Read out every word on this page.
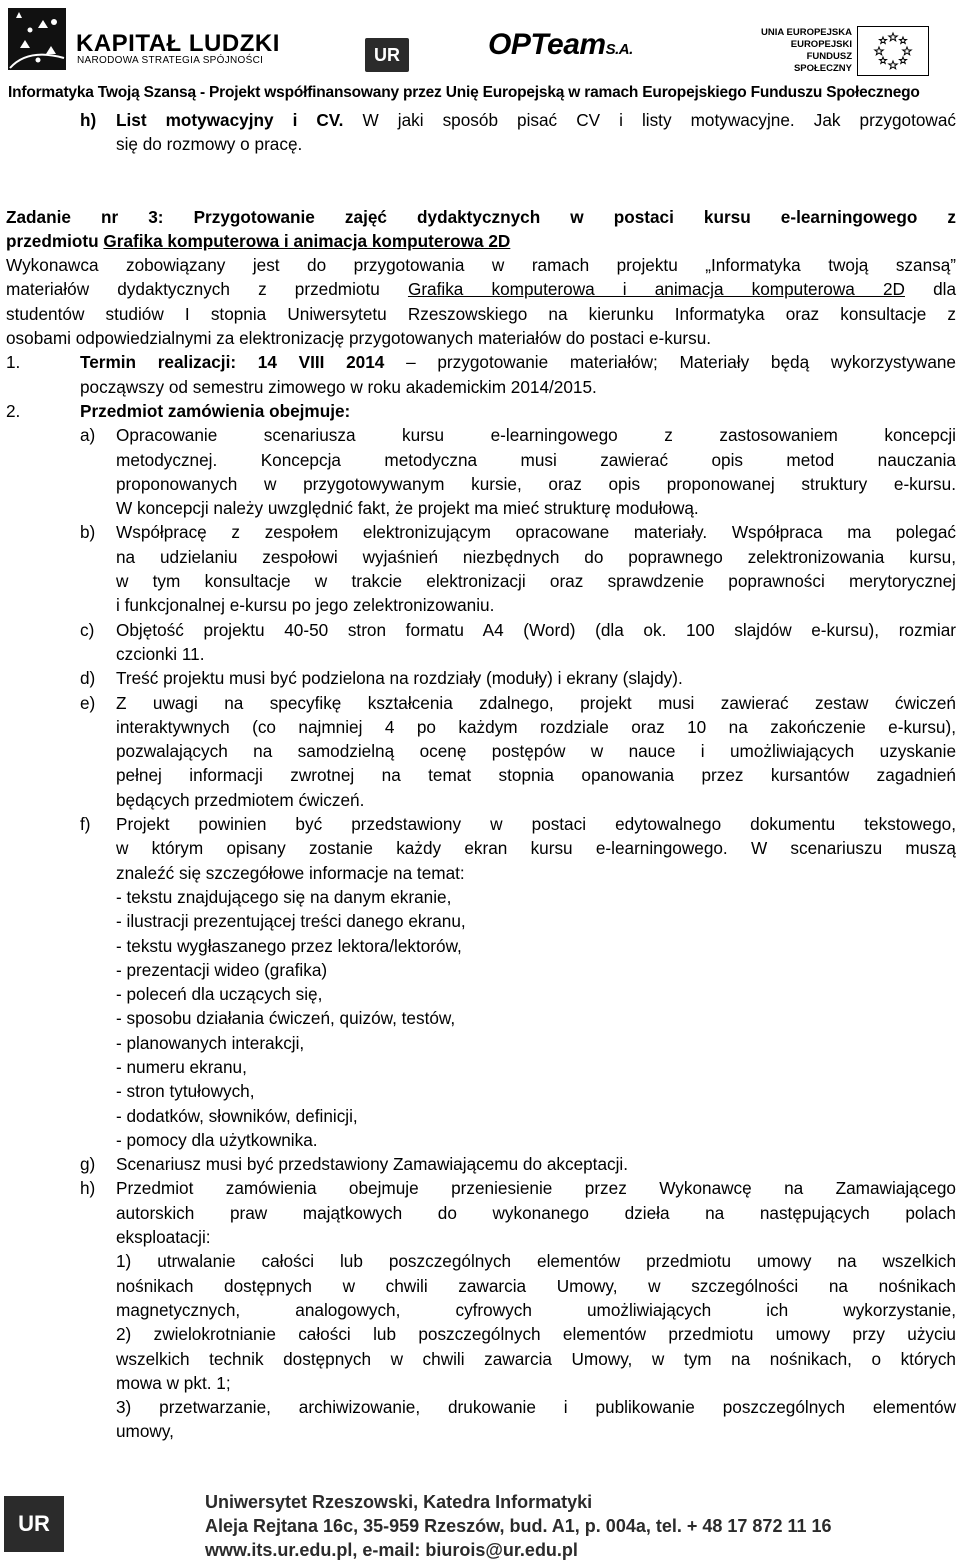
KAPITAŁ LUDZKI
NARODOWA STRATEGIA SPÓJNOŚCI	UR	OPTeamS.A.
UNIA EUROPEJSKA
EUROPEJSKI
FUNDUSZ SPOŁECZNY
Informatyka Twoją Szansą - Projekt współfinansowany przez Unię Europejską w ramach Europejskiego Funduszu Społecznego
h) List motywacyjny i CV. W jaki sposób pisać CV i listy motywacyjne. Jak przygotować
się do rozmowy o pracę.
Zadanie nr 3: Przygotowanie zajęć dydaktycznych w postaci kursu e-learningowego z
przedmiotu Grafika komputerowa i animacja komputerowa 2D
Wykonawca zobowiązany jest do przygotowania w ramach projektu „Informatyka twoją szansą”
materiałów dydaktycznych z przedmiotu Grafika komputerowa i animacja komputerowa 2D dla
studentów studiów I stopnia Uniwersytetu Rzeszowskiego na kierunku Informatyka oraz konsultacje z
osobami odpowiedzialnymi za elektronizację przygotowanych materiałów do postaci e-kursu.
1.	Termin realizacji: 14 VIII 2014 – przygotowanie materiałów; Materiały będą wykorzystywane
począwszy od semestru zimowego w roku akademickim 2014/2015.
2.	Przedmiot zamówienia obejmuje:
a) Opracowanie scenariusza kursu e-learningowego z zastosowaniem koncepcji
metodycznej. Koncepcja metodyczna musi zawierać opis metod nauczania
proponowanych w przygotowywanym kursie, oraz opis proponowanej struktury e-kursu.
W koncepcji należy uwzględnić fakt, że projekt ma mieć strukturę modułową.
b) Współpracę z zespołem elektronizującym opracowane materiały. Współpraca ma polegać
na udzielaniu zespołowi wyjaśnień niezbędnych do poprawnego zelektronizowania kursu,
w tym konsultacje w trakcie elektronizacji oraz sprawdzenie poprawności merytorycznej
i funkcjonalnej e-kursu po jego zelektronizowaniu.
c) Objętość projektu 40-50 stron formatu A4 (Word) (dla ok. 100 slajdów e-kursu), rozmiar
czcionki 11.
d) Treść projektu musi być podzielona na rozdziały (moduły) i ekrany (slajdy).
e) Z uwagi na specyfikę kształcenia zdalnego, projekt musi zawierać zestaw ćwiczeń
interaktywnych (co najmniej 4 po każdym rozdziale oraz 10 na zakończenie e-kursu),
pozwalających na samodzielną ocenę postępów w nauce i umożliwiających uzyskanie
pełnej informacji zwrotnej na temat stopnia opanowania przez kursantów zagadnień
będących przedmiotem ćwiczeń.
f) Projekt powinien być przedstawiony w postaci edytowalnego dokumentu tekstowego,
w którym opisany zostanie każdy ekran kursu e-learningowego. W scenariuszu muszą
znaleźć się szczegółowe informacje na temat:
- tekstu znajdującego się na danym ekranie,
- ilustracji prezentującej treści danego ekranu,
- tekstu wygłaszanego przez lektora/lektorów,
- prezentacji wideo (grafika)
- poleceń dla uczących się,
- sposobu działania ćwiczeń, quizów, testów,
- planowanych interakcji,
- numeru ekranu,
- stron tytułowych,
- dodatków, słowników, definicji,
- pomocy dla użytkownika.
g) Scenariusz musi być przedstawiony Zamawiającemu do akceptacji.
h) Przedmiot zamówienia obejmuje przeniesienie przez Wykonawcę na Zamawiającego
autorskich praw majątkowych do wykonanego dzieła na następujących polach
eksploatacji:
1) utrwalanie całości lub poszczególnych elementów przedmiotu umowy na wszelkich
nośnikach dostępnych w chwili zawarcia Umowy, w szczególności na nośnikach
magnetycznych, analogowych, cyfrowych umożliwiających ich wykorzystanie,
2) zwielokrotnianie całości lub poszczególnych elementów przedmiotu umowy przy użyciu
wszelkich technik dostępnych w chwili zawarcia Umowy, w tym na nośnikach, o których
mowa w pkt. 1;
3) przetwarzanie, archiwizowanie, drukowanie i publikowanie poszczególnych elementów
umowy,
UR
Uniwersytet Rzeszowski, Katedra Informatyki
Aleja Rejtana 16c, 35-959 Rzeszów, bud. A1, p. 004a, tel. + 48 17 872 11 16
www.its.ur.edu.pl, e-mail: biurois@ur.edu.pl
